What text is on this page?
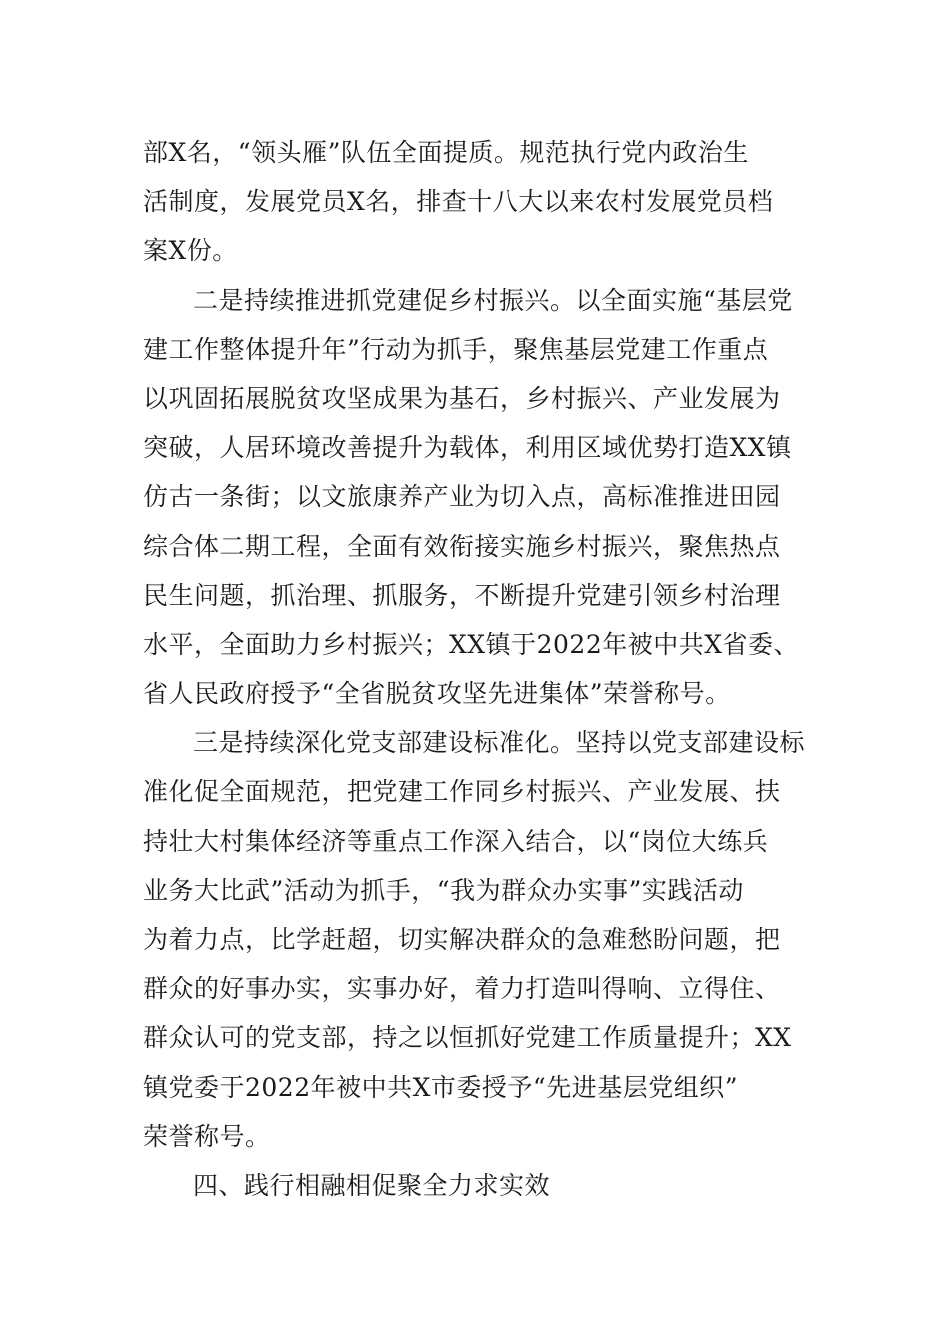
部X名，“领头雁”队伍全面提质。规范执行党内政治生
活制度，发展党员X名，排查十八大以来农村发展党员档
案X份。

二是持续推进抓党建促乡村振兴。以全面实施“基层党
建工作整体提升年”行动为抓手，聚焦基层党建工作重点
以巩固拓展脱贫攻坚成果为基石，乡村振兴、产业发展为
突破，人居环境改善提升为载体，利用区域优势打造XX镇
仿古一条街；以文旅康养产业为切入点，高标准推进田园
综合体二期工程，全面有效衔接实施乡村振兴，聚焦热点
民生问题，抓治理、抓服务，不断提升党建引领乡村治理
水平，全面助力乡村振兴；XX镇于2022年被中共X省委、
省人民政府授予“全省脱贫攻坚先进集体”荣誉称号。

三是持续深化党支部建设标准化。坚持以党支部建设标
准化促全面规范，把党建工作同乡村振兴、产业发展、扶
持壮大村集体经济等重点工作深入结合，以“岗位大练兵
业务大比武”活动为抓手，“我为群众办实事”实践活动
为着力点，比学赶超，切实解决群众的急难愁盼问题，把
群众的好事办实，实事办好，着力打造叫得响、立得住、
群众认可的党支部，持之以恒抓好党建工作质量提升；XX
镇党委于2022年被中共X市委授予“先进基层党组织”
荣誉称号。

四、践行相融相促聚全力求实效
